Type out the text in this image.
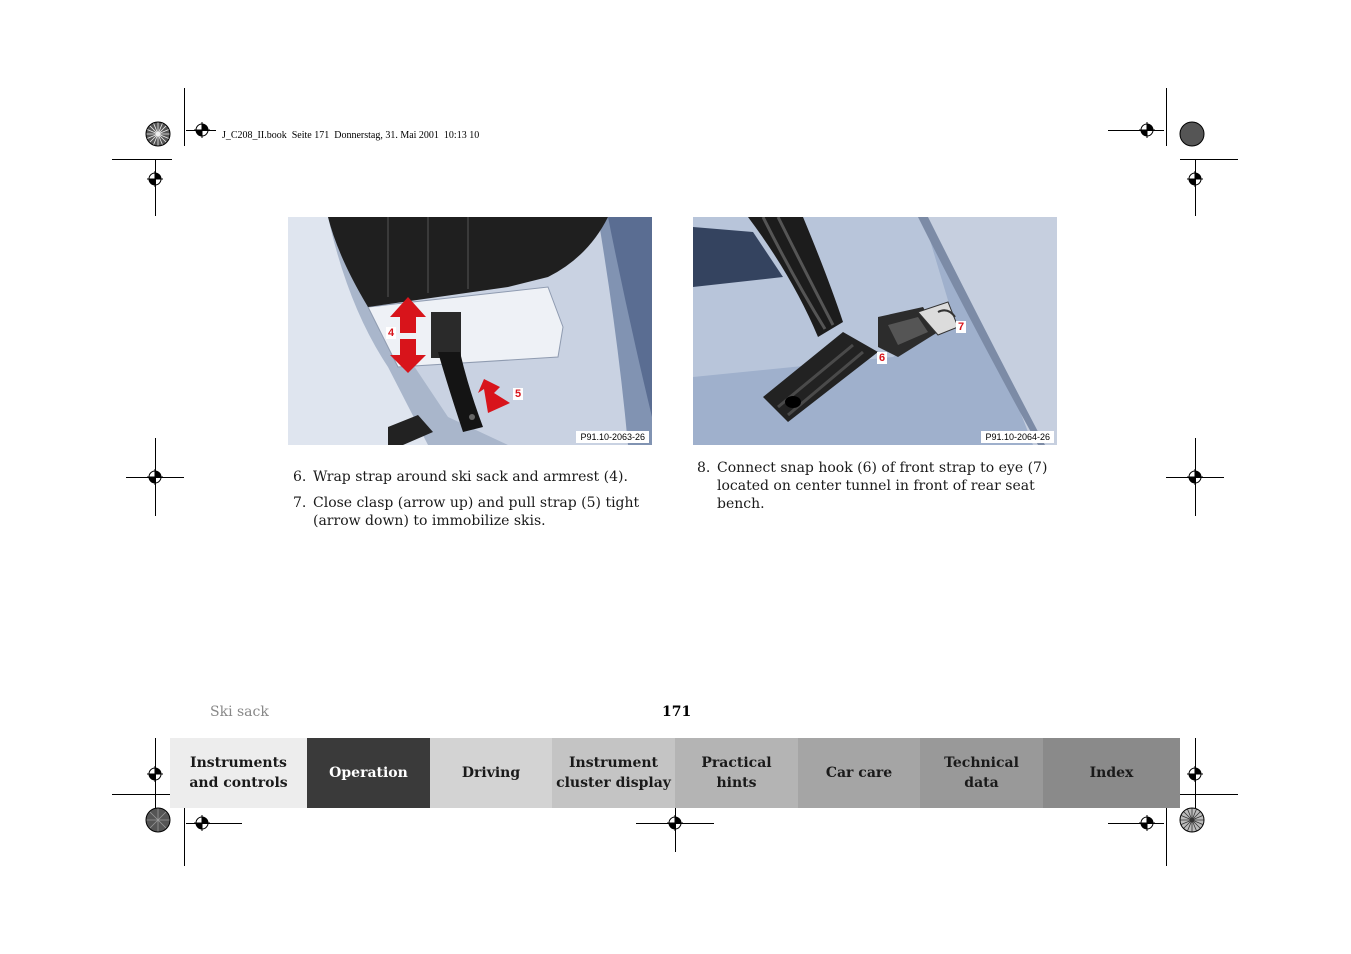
J_C208_II.book  Seite 171  Donnerstag, 31. Mai 2001  10:13 10
4
5
P91.10-2063-26
7
6
P91.10-2064-26
6. Wrap strap around ski sack and armrest (4).
7. Close clasp (arrow up) and pull strap (5) tight (arrow down) to immobilize skis.
8. Connect snap hook (6) of front strap to eye (7) located on center tunnel in front of rear seat bench.
Ski sack	171
Instruments
and controls
Operation	Driving
Instrument
cluster display
Practical hints
Car care
Technical
data
Index
